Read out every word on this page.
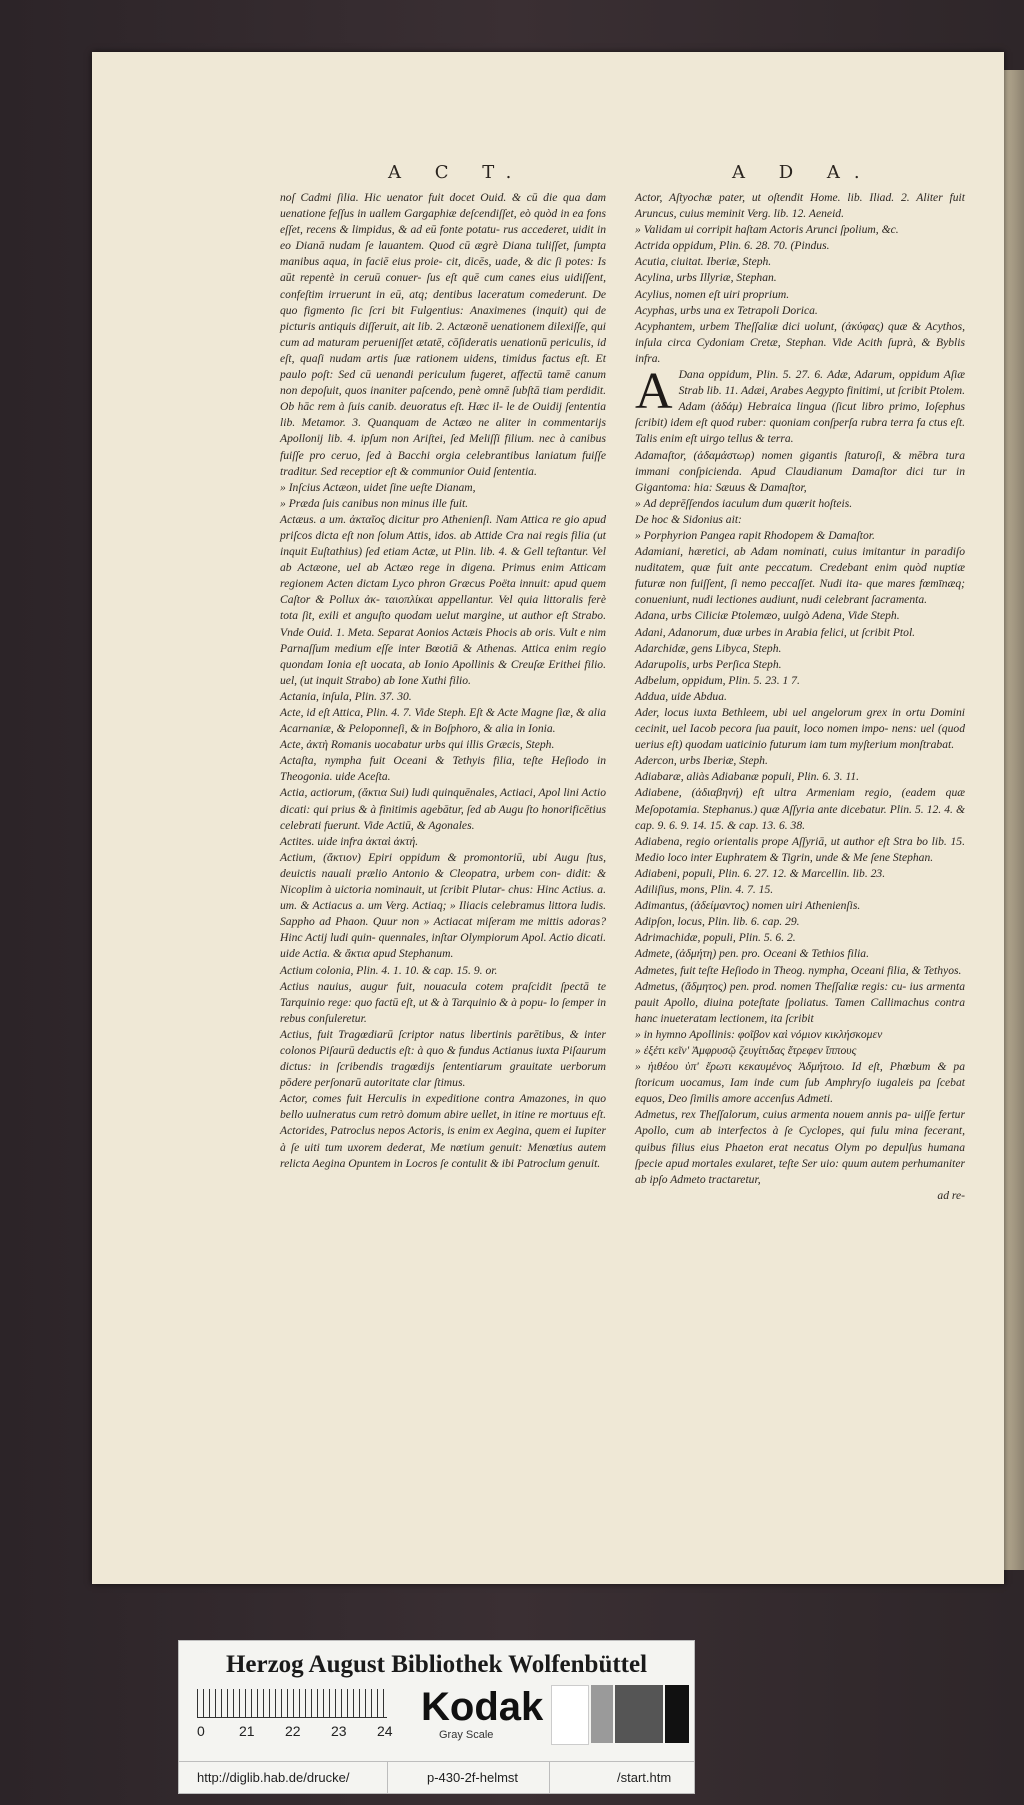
A C T.	A D A.

noſ Cadmi ſilia. Hic uenator fuit docet Ouid. & cū die qua dam uenatione feſſus in uallem Gargaphiæ deſcendiſſet, eò quòd in ea fons eſſet, recens & limpidus, & ad eū fonte potatu- rus accederet, uidit in eo Dianā nudam ſe lauantem. Quod cū ægrè Diana tuliſſet, ſumpta manibus aqua, in faciē eius proie- cit, dicēs, uade, & dic ſi potes: Is aūt repentè in ceruū conuer- ſus eſt quē cum canes eius uidiſſent, confeſtim irruerunt in eū, atq; dentibus laceratum comederunt. De quo figmento ſic ſcri bit Fulgentius: Anaximenes (inquit) qui de picturis antiquis diſſeruit, ait lib. 2. Actæonē uenationem dilexiſſe, qui cum ad maturam perueniſſet ætatē, cōſideratis uenationū periculis, id eſt, quaſi nudam artis ſuæ rationem uidens, timidus factus eſt. Et paulo poſt: Sed cū uenandi periculum fugeret, affectū tamē canum non depoſuit, quos inaniter paſcendo, penè omnē ſubſtā tiam perdidit. Ob hāc rem à ſuis canib. deuoratus eſt. Hæc il- le de Ouidij ſententia lib. Metamor. 3. Quanquam de Actæo ne aliter in commentarijs Apollonij lib. 4. ipſum non Ariſtei, ſed Meliſſi filium. nec à canibus fuiſſe pro ceruo, ſed à Bacchi orgia celebrantibus laniatum fuiſſe traditur. Sed receptior eſt & communior Ouid ſententia.

» Inſcius Actæon, uidet ſine ueſte Dianam,

» Præda ſuis canibus non minus ille fuit.

Actæus. a um. ἀκταῖος dicitur pro Athenienſi. Nam Attica re gio apud priſcos dicta eſt non ſolum Attis, idos. ab Attide Cra nai regis filia (ut inquit Euſtathius) ſed etiam Actæ, ut Plin. lib. 4. & Gell teſtantur. Vel ab Actæone, uel ab Actæo rege in digena. Primus enim Atticam regionem Acten dictam Lyco phron Græcus Poëta innuit: apud quem Caſtor & Pollux ἀκ- ταιοπλίκαι appellantur. Vel quia littoralis ferè tota ſit, exili et anguſto quodam uelut margine, ut author eſt Strabo. Vnde Ouid. 1. Meta. Separat Aonios Actæis Phocis ab oris. Vult e nim Parnaſſum medium eſſe inter Bœotiā & Athenas. Attica enim regio quondam Ionia eſt uocata, ab Ionio Apollinis & Creuſæ Erithei filio. uel, (ut inquit Strabo) ab Ione Xuthi filio.

Actania, inſula, Plin. 37. 30.

Acte, id eſt Attica, Plin. 4. 7. Vide Steph. Eſt & Acte Magne ſiæ, & alia Acarnaniæ, & Peloponneſi, & in Boſphoro, & alia in Ionia.

Acte, ἀκτὴ Romanis uocabatur urbs qui illis Græcis, Steph.

Actaſta, nympha fuit Oceani & Tethyis filia, teſte Heſiodo in Theogonia. uide Aceſta.

Actia, actiorum, (ἄκτια Sui) ludi quinquēnales, Actiaci, Apol lini Actio dicati: qui prius & à finitimis agebātur, ſed ab Augu ſto honorificētius celebrati fuerunt. Vide Actiū, & Agonales.

Actites. uide infra ἀκταὶ ἀκτή.

Actium, (ἄκτιον) Epiri oppidum & promontoriū, ubi Augu ſtus, deuictis nauali prælio Antonio & Cleopatra, urbem con- didit: & Nicoplim à uictoria nominauit, ut ſcribit Plutar- chus: Hinc Actius. a. um. & Actiacus a. um Verg. Actiaq; » Iliacis celebramus littora ludis. Sappho ad Phaon. Quur non » Actiacat miſeram me mittis adoras? Hinc Actij ludi quin- quennales, inſtar Olympiorum Apol. Actio dicati. uide Actia. & ἄκτια apud Stephanum.

Actium colonia, Plin. 4. 1. 10. & cap. 15. 9. or.

Actius nauius, augur fuit, nouacula cotem praſcidit ſpectā te Tarquinio rege: quo factū eſt, ut & à Tarquinio & à popu- lo ſemper in rebus conſuleretur.

Actius, fuit Tragœdiarū ſcriptor natus libertinis parētibus, & inter colonos Piſaurū deductis eſt: à quo & fundus Actianus iuxta Piſaurum dictus: in ſcribendis tragœdijs ſententiarum grauitate uerborum pōdere perſonarū autoritate clar ſtimus.

Actor, comes fuit Herculis in expeditione contra Amazones, in quo bello uulneratus cum retrò domum abire uellet, in itine re mortuus eſt. Actorides, Patroclus nepos Actoris, is enim ex Aegina, quem ei Iupiter à ſe uiti tum uxorem dederat, Me nœtium genuit: Menœtius autem relicta Aegina Opuntem in Locros ſe contulit & ibi Patroclum genuit.

Actor, Aſtyochæ pater, ut oſtendit Home. lib. Iliad. 2. Aliter fuit Aruncus, cuius meminit Verg. lib. 12. Aeneid.

» Validam ui corripit haſtam Actoris Arunci ſpolium, &c.

Actrida oppidum, Plin. 6. 28. 70. (Pindus.

Acutia, ciuitat. Iberiæ, Steph.

Acylina, urbs Illyriæ, Stephan.

Acylius, nomen eſt uiri proprium.

Acyphas, urbs una ex Tetrapoli Dorica.

Acyphantem, urbem Theſſaliæ dici uolunt, (ἀκύφας) quæ & Acythos, inſula circa Cydoniam Cretæ, Stephan. Vide Acith ſuprà, & Byblis infra.

A Dana oppidum, Plin. 5. 27. 6. Adæ, Adarum, oppidum Aſiæ Strab lib. 11. Adæi, Arabes Aegypto finitimi, ut ſcribit Ptolem.

Adam (ἀδάμ) Hebraica lingua (ſicut libro primo, Ioſephus ſcribit) idem eſt quod ruber: quoniam conſperſa rubra terra fa ctus eſt. Talis enim eſt uirgo tellus & terra.

Adamaſtor, (ἀδαμάστωρ) nomen gigantis ſtaturoſi, & mēbra tura immani conſpicienda. Apud Claudianum Damaſtor dici tur in Gigantoma: hia: Sæuus & Damaſtor,

» Ad deprēſſendos iaculum dum quærit hoſteis.

De hoc & Sidonius ait:

» Porphyrion Pangea rapit Rhodopem & Damaſtor.

Adamiani, hæretici, ab Adam nominati, cuius imitantur in paradiſo nuditatem, quæ fuit ante peccatum. Credebant enim quòd nuptiæ futuræ non fuiſſent, ſi nemo peccaſſet. Nudi ita- que mares fœmīnæq; conueniunt, nudi lectiones audiunt, nudi celebrant ſacramenta.

Adana, urbs Ciliciæ Ptolemæo, uulgò Adena, Vide Steph.

Adani, Adanorum, duæ urbes in Arabia felici, ut ſcribit Ptol.

Adarchidæ, gens Libyca, Steph.

Adarupolis, urbs Perſica Steph.

Adbelum, oppidum, Plin. 5. 23. 1 7.

Addua, uide Abdua.

Ader, locus iuxta Bethleem, ubi uel angelorum grex in ortu Domini cecinit, uel Iacob pecora ſua pauit, loco nomen impo- nens: uel (quod uerius eſt) quodam uaticinio futurum iam tum myſterium monſtrabat.

Adercon, urbs Iberiæ, Steph.

Adiabaræ, aliàs Adiabanæ populi, Plin. 6. 3. 11.

Adiabene, (ἀδιαβηνή) eſt ultra Armeniam regio, (eadem quæ Meſopotamia. Stephanus.) quæ Aſſyria ante dicebatur. Plin. 5. 12. 4. & cap. 9. 6. 9. 14. 15. & cap. 13. 6. 38.

Adiabena, regio orientalis prope Aſſyriā, ut author eſt Stra bo lib. 15. Medio loco inter Euphratem & Tigrin, unde & Me ſene Stephan.

Adiabeni, populi, Plin. 6. 27. 12. & Marcellin. lib. 23.

Adiliſius, mons, Plin. 4. 7. 15.

Adimantus, (ἀδείμαντος) nomen uiri Athenienſis.

Adipſon, locus, Plin. lib. 6. cap. 29.

Adrimachidæ, populi, Plin. 5. 6. 2.

Admete, (ἀδμήτη) pen. pro. Oceani & Tethios filia.

Admetes, fuit teſte Heſiodo in Theog. nympha, Oceani filia, & Tethyos.

Admetus, (ἄδμητος) pen. prod. nomen Theſſaliæ regis: cu- ius armenta pauit Apollo, diuina poteſtate ſpoliatus. Tamen Callimachus contra hanc inueteratam lectionem, ita ſcribit

» in hymno Apollinis: φοῖβον καὶ νόμιον κικλήσκομεν

» ἐξέτι κεῖν' Ἀμφρυσῷ ζευγίτιδας ἔτρεφεν ἵππους

» ἠιθέου ὑπ' ἔρωτι κεκαυμένος Ἀδμήτοιο. Id eſt, Phœbum & pa ſtoricum uocamus, Iam inde cum ſub Amphryſo iugaleis pa ſcebat equos, Deo ſimilis amore accenſus Admeti.

Admetus, rex Theſſalorum, cuius armenta nouem annis pa- uiſſe fertur Apollo, cum ab interfectos à ſe Cyclopes, qui fulu mina fecerant, quibus filius eius Phaeton erat necatus Olym po depulſus humana ſpecie apud mortales exularet, teſte Ser uio: quum autem perhumaniter ab ipſo Admeto tractaretur,

ad re-

Herzog August Bibliothek Wolfenbüttel
0 21 22 23 24
Kodak
Gray Scale
http://diglib.hab.de/drucke/	p-430-2f-helmst	/start.htm
